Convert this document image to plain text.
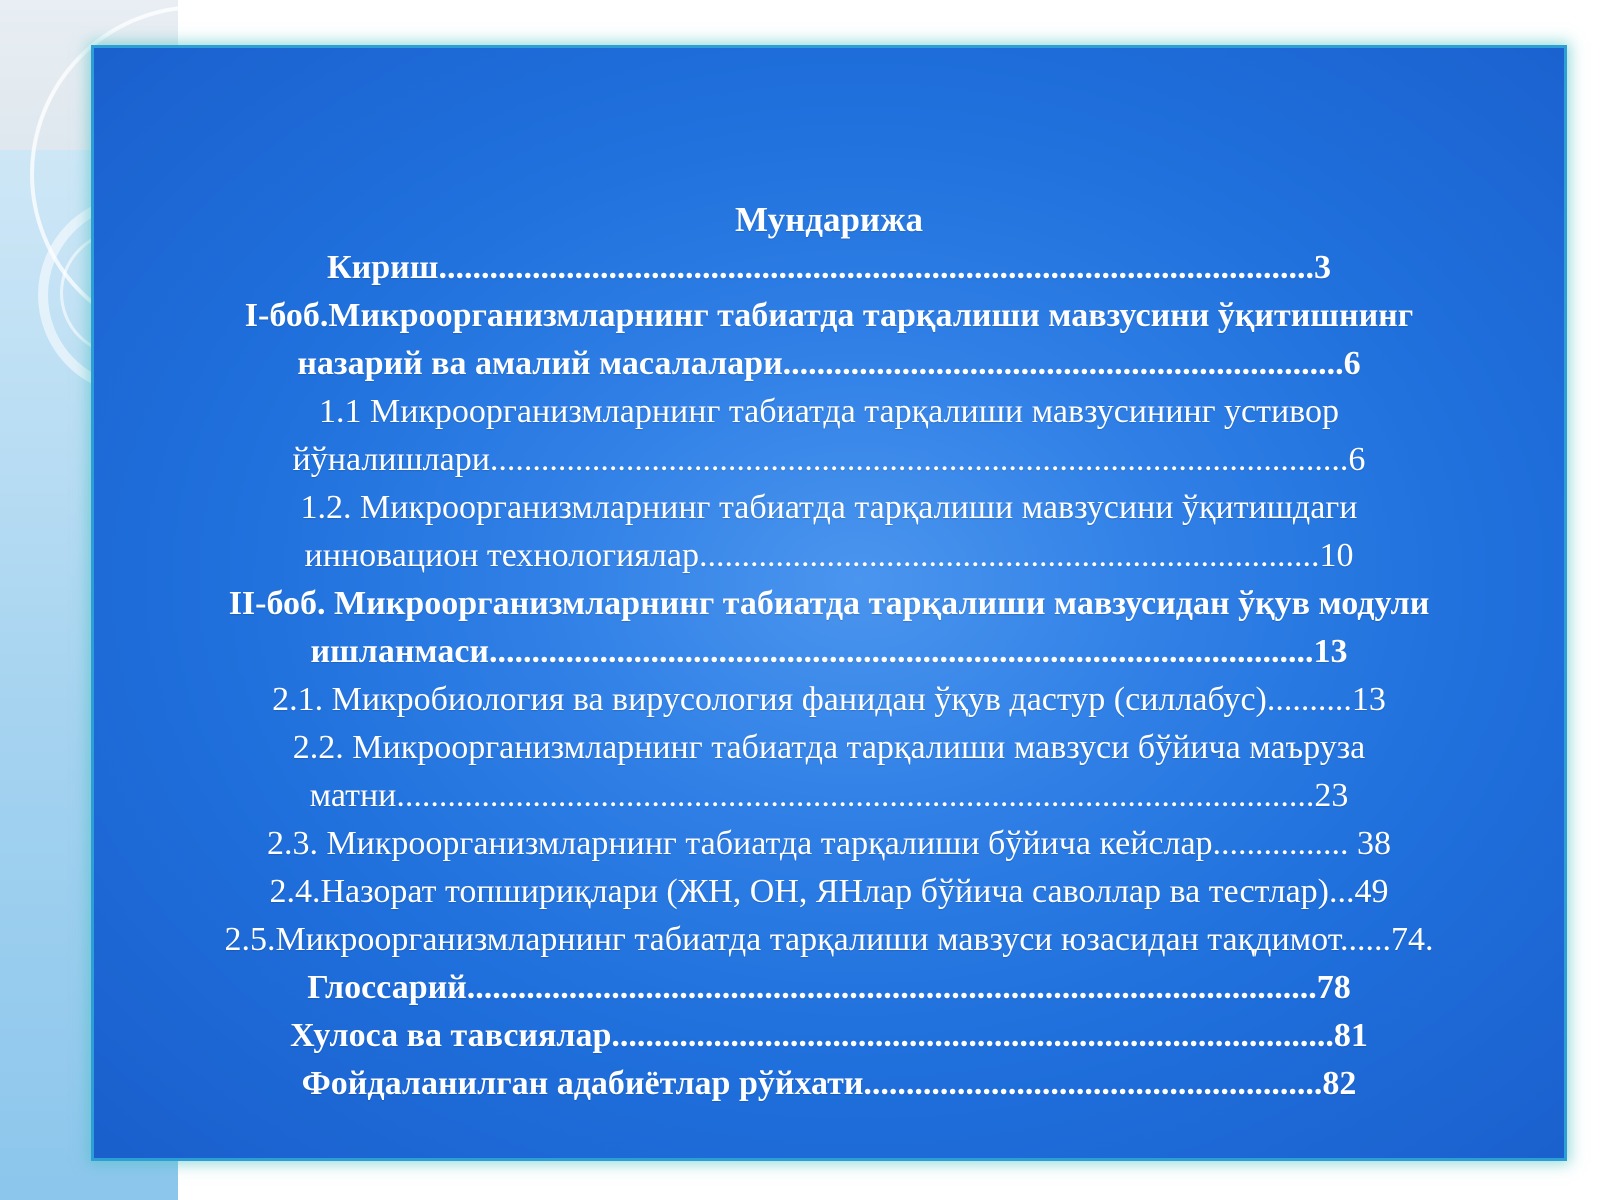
Мундарижа
Кириш.......................................................................................................3
I-боб.Микроорганизмларнинг табиатда тарқалиши мавзусини ўқитишнинг
назарий ва амалий масалалари..................................................................6
1.1 Микроорганизмларнинг табиатда тарқалиши мавзусининг устивор
йўналишлари.....................................................................................................6
1.2. Микроорганизмларнинг табиатда тарқалиши мавзусини ўқитишдаги
инновацион технологиялар.........................................................................10
II-боб. Микроорганизмларнинг табиатда тарқалиши мавзусидан ўқув модули
ишланмаси.................................................................................................13
2.1. Микробиология ва вирусология фанидан ўқув дастур (силлабус)..........13
2.2. Микроорганизмларнинг табиатда тарқалиши мавзуси бўйича маъруза
матни............................................................................................................23
2.3. Микроорганизмларнинг табиатда тарқалиши бўйича кейслар................ 38
2.4.Назорат топшириқлари (ЖН, ОН, ЯНлар бўйича саволлар ва тестлар)...49
2.5.Микроорганизмларнинг табиатда тарқалиши мавзуси юзасидан тақдимот......74.
Глоссарий....................................................................................................78
Хулоса ва тавсиялар.....................................................................................81
Фойдаланилган адабиётлар рўйхати......................................................82
